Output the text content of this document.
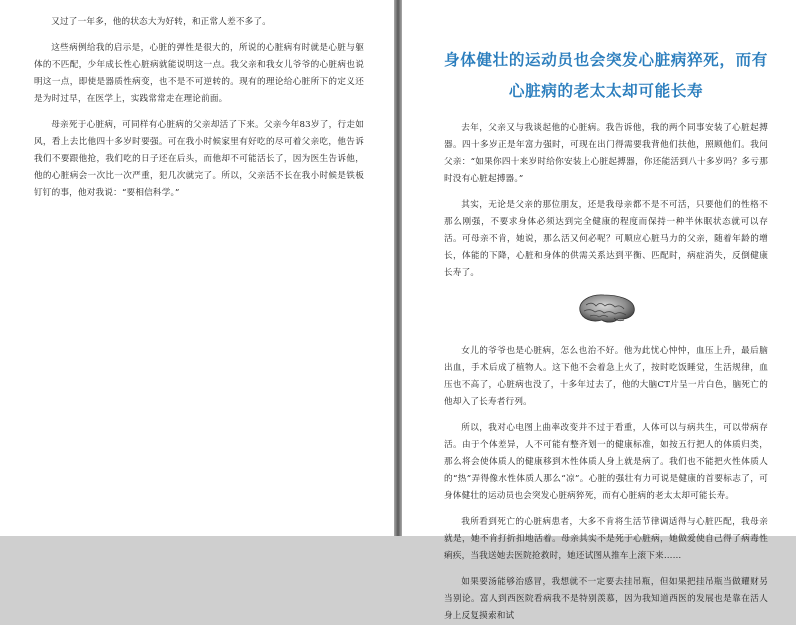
又过了一年多，他的状态大为好转，和正常人差不多了。

这些病例给我的启示是，心脏的弹性是很大的，所说的心脏病有时就是心脏与躯体的不匹配，少年成长性心脏病就能说明这一点。我父亲和我女儿爷爷的心脏病也说明这一点，即使是器质性病变，也不是不可逆转的。现有的理论给心脏所下的定义还是为时过早，在医学上，实践常常走在理论前面。

母亲死于心脏病，可同样有心脏病的父亲却活了下来。父亲今年83岁了，行走如风，看上去比他四十多岁时要强。可在我小时候家里有好吃的尽可着父亲吃，他告诉我们不要跟他抢，我们吃的日子还在后头，而他却不可能活长了，因为医生告诉他，他的心脏病会一次比一次严重，犯几次就完了。所以，父亲活不长在我小时候是铁板钉钉的事，他对我说：“要相信科学。”

身体健壮的运动员也会突发心脏病猝死，而有心脏病的老太太却可能长寿

去年，父亲又与我谈起他的心脏病。我告诉他，我的两个同事安装了心脏起搏器。四十多岁正是年富力强时，可现在出门得需要我背他们扶他，照顾他们。我问父亲：“如果你四十来岁时给你安装上心脏起搏器，你还能活到八十多岁吗？多亏那时没有心脏起搏器。”

其实，无论是父亲的那位朋友，还是我母亲都不是不可活，只要他们的性格不那么刚强，不要求身体必须达到完全健康的程度而保持一种半休眠状态就可以存活。可母亲不肯，她说，那么活又何必呢？可顺应心脏马力的父亲，随着年龄的增长，体能的下降，心脏和身体的供需关系达到平衡、匹配时，病症消失，反倒健康长寿了。

女儿的爷爷也是心脏病，怎么也治不好。他为此忧心忡忡，血压上升，最后脑出血，手术后成了植物人。这下他不会着急上火了，按时吃饭睡觉，生活规律，血压也不高了，心脏病也没了，十多年过去了，他的大脑CT片呈一片白色，脑死亡的他却入了长寿者行列。

所以，我对心电图上曲率改变并不过于看重，人体可以与病共生，可以带病存活。由于个体差异，人不可能有整齐划一的健康标准，如按五行把人的体质归类，那么将会使体质人的健康移到木性体质人身上就是病了。我们也不能把火性体质人的“热”弄得像水性体质人那么“凉”。心脏的强壮有力可说是健康的首要标志了，可身体健壮的运动员也会突发心脏病猝死，而有心脏病的老太太却可能长寿。

我所看到死亡的心脏病患者，大多不肯将生活节律调适得与心脏匹配，我母亲就是，她不肯打折扣地活着。母亲其实不是死于心脏病，她做爱使自己得了病毒性痢疾，当我送她去医院抢救时，她还试图从推车上滚下来……

如果要汤能够治感冒，我想就不一定要去挂吊瓶，但如果把挂吊瓶当做耀财另当别论。富人到西医院看病我不是特别羡慕，因为我知道西医的发展也是靠在活人身上反复摸索和试
